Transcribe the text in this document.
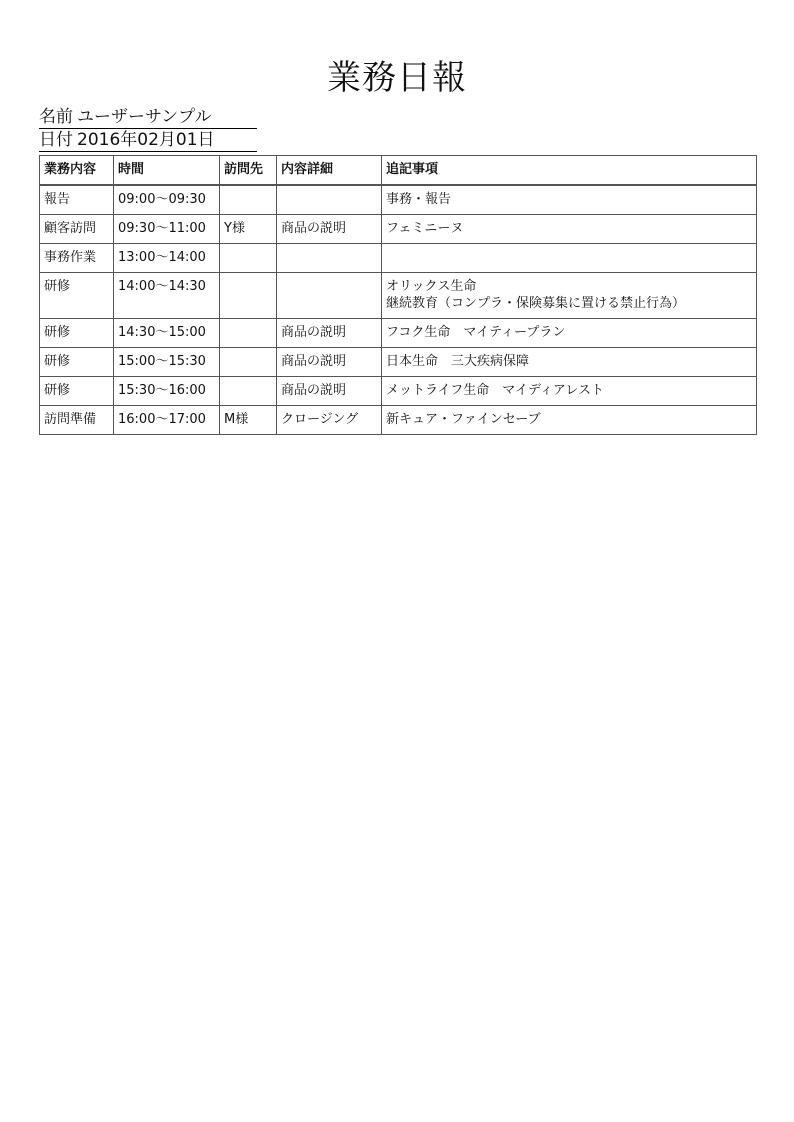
業務日報
名前 ユーザーサンプル
日付 2016年02月01日
業務内容	時間	訪問先	内容詳細	追記事項
報告	09:00〜09:30			事務・報告

顧客訪問	09:30〜11:00	Y様	商品の説明	フェミニーヌ

事務作業	13:00〜14:00			

研修	14:00〜14:30			オリックス生命
継続教育（コンプラ・保険募集に置ける禁止行為）

研修	14:30〜15:00		商品の説明	フコク生命　マイティープラン

研修	15:00〜15:30		商品の説明	日本生命　三大疾病保障

研修	15:30〜16:00		商品の説明	メットライフ生命　マイディアレスト

訪問準備	16:00〜17:00	M様	クロージング	新キュア・ファインセーブ
